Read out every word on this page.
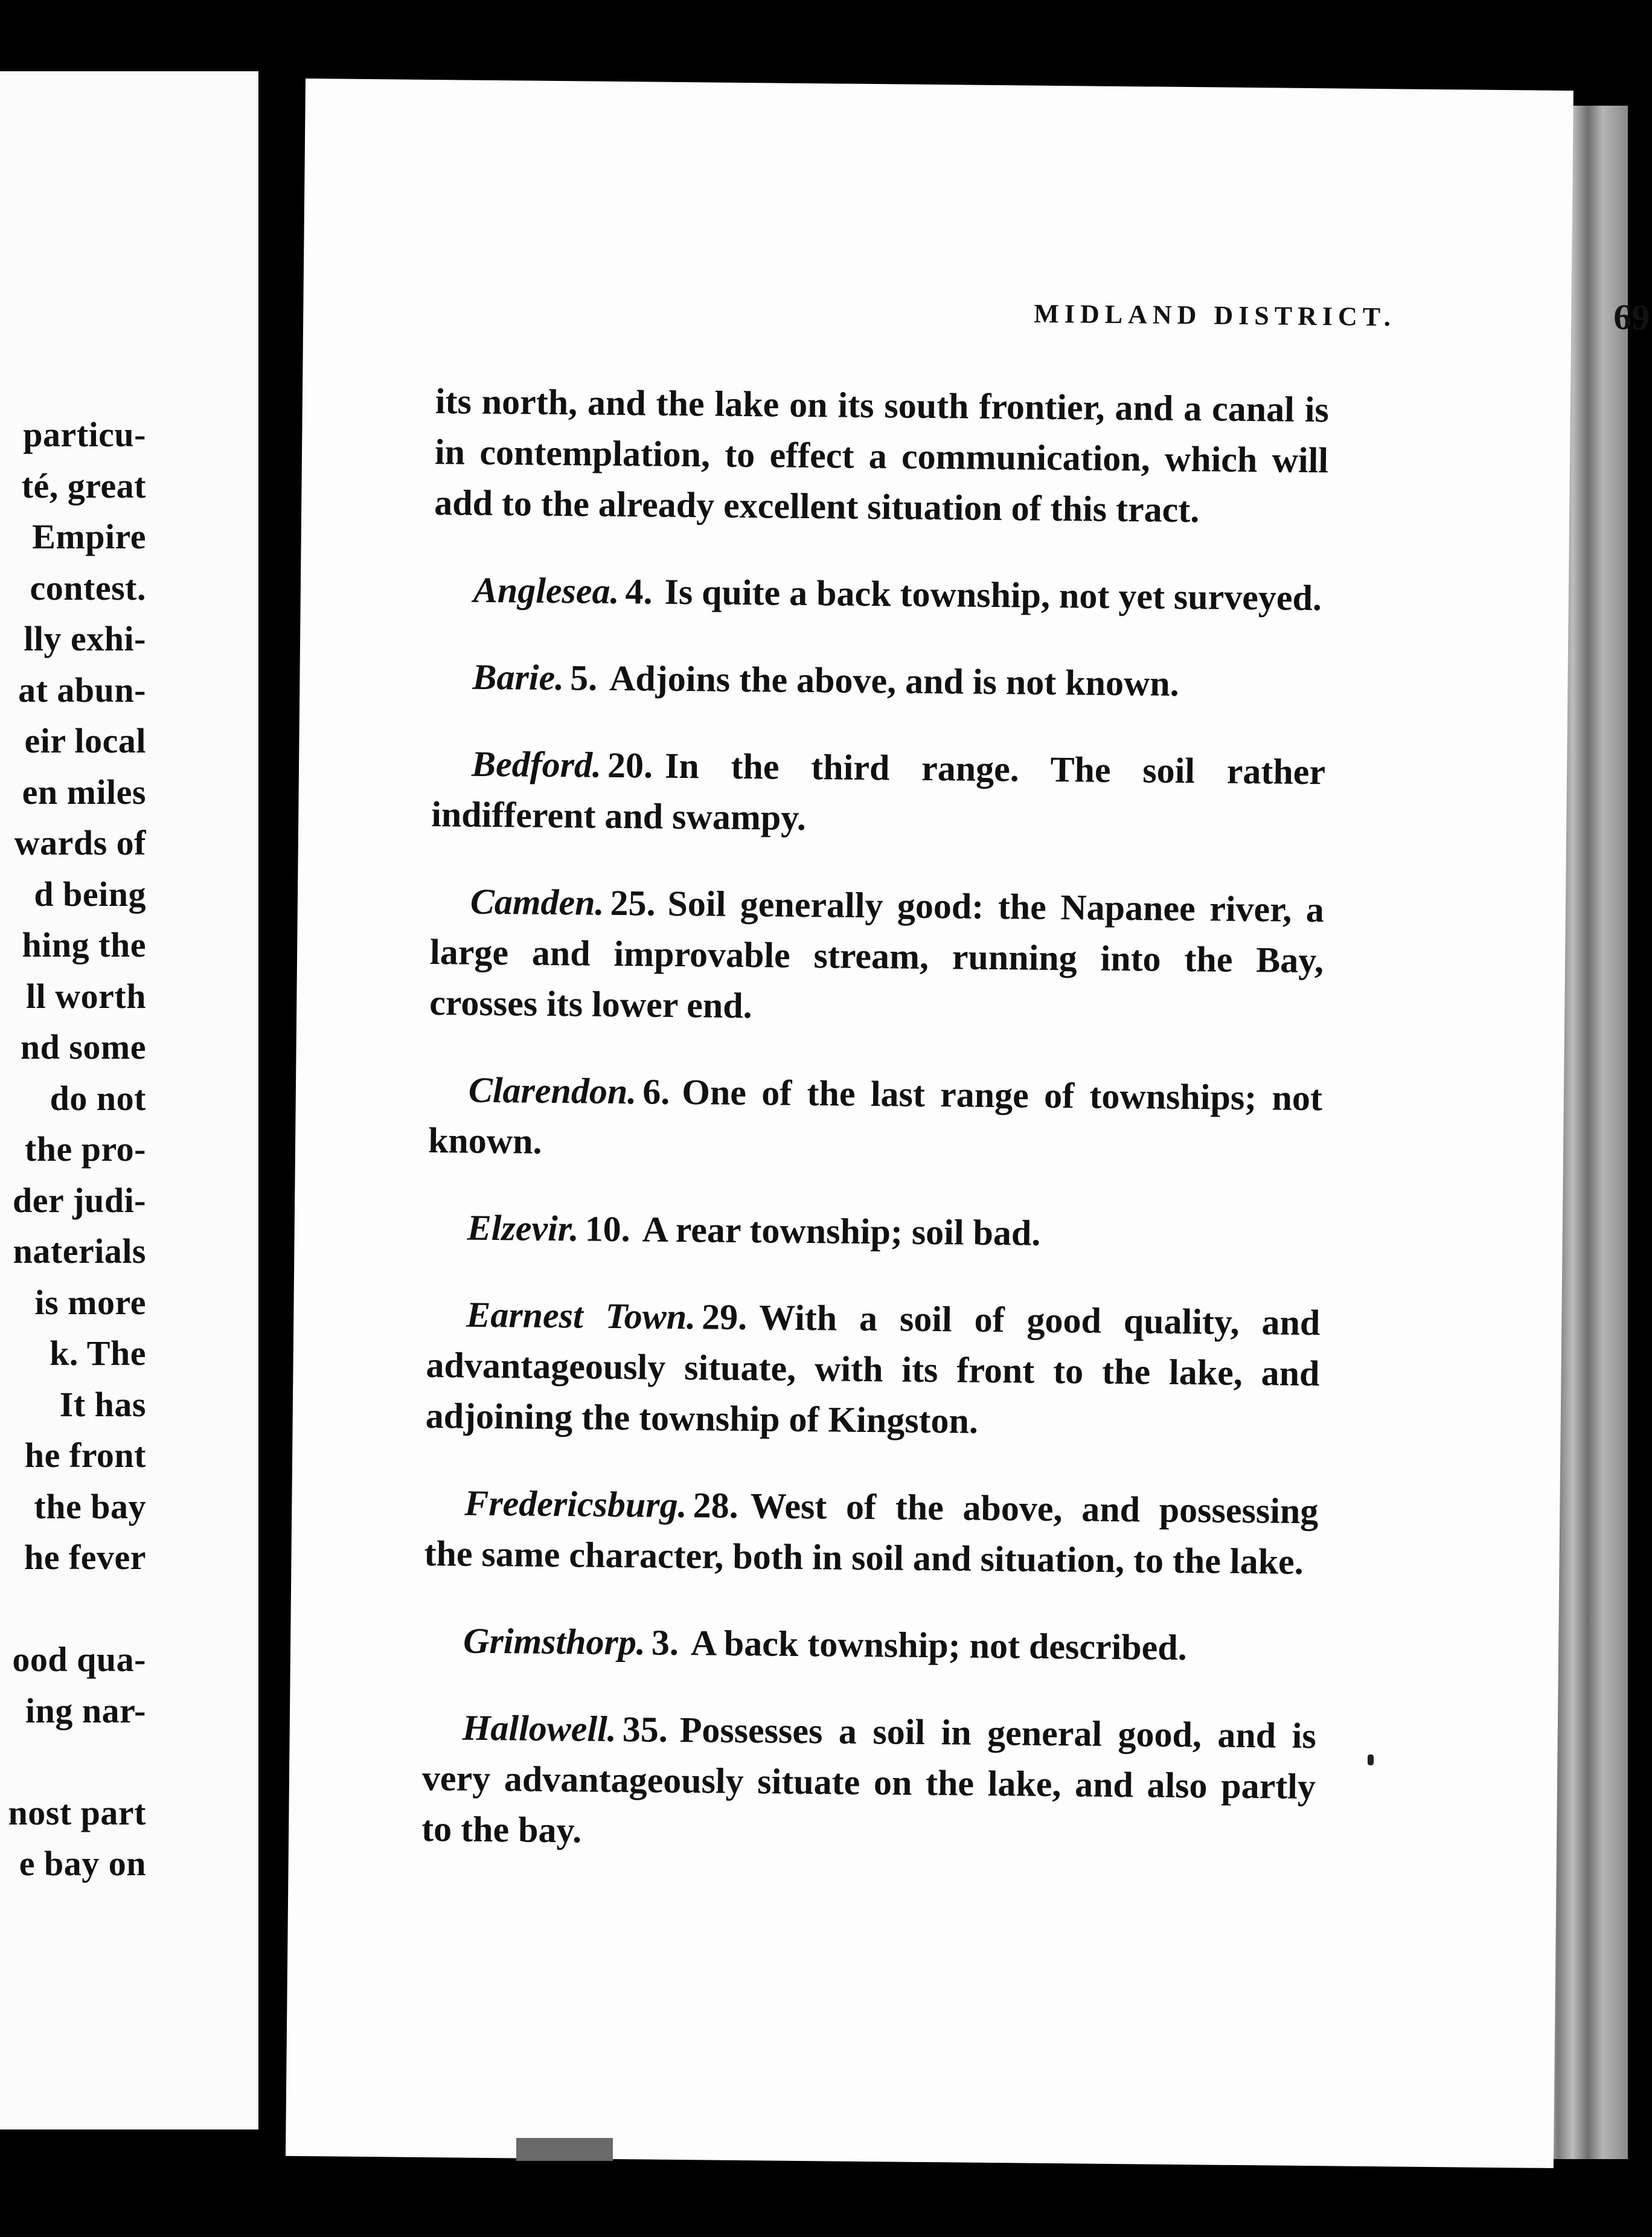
particu-
té, great
Empire
contest.
lly exhi-
at abun-
eir local
en miles
wards of
d being
hing the
ll worth
nd some
do not
the pro-
der judi-
naterials
is more
k. The
It has
he front
the bay
he fever
ood qua-
ing nar-
nost part
e bay on
MIDLAND DISTRICT.	69

its north, and the lake on its south frontier, and a canal is in contemplation, to effect a communication, which will add to the already excellent situation of this tract.

Anglesea. 4. Is quite a back township, not yet surveyed.

Barie. 5. Adjoins the above, and is not known.

Bedford. 20. In the third range. The soil rather indifferent and swampy.

Camden. 25. Soil generally good: the Napanee river, a large and improvable stream, running into the Bay, crosses its lower end.

Clarendon. 6. One of the last range of townships; not known.

Elzevir. 10. A rear township; soil bad.

Earnest Town. 29. With a soil of good quality, and advantageously situate, with its front to the lake, and adjoining the township of Kingston.

Fredericsburg. 28. West of the above, and possessing the same character, both in soil and situation, to the lake.

Grimsthorp. 3. A back township; not described.

Hallowell. 35. Possesses a soil in general good, and is very advantageously situate on the lake, and also partly to the bay.
